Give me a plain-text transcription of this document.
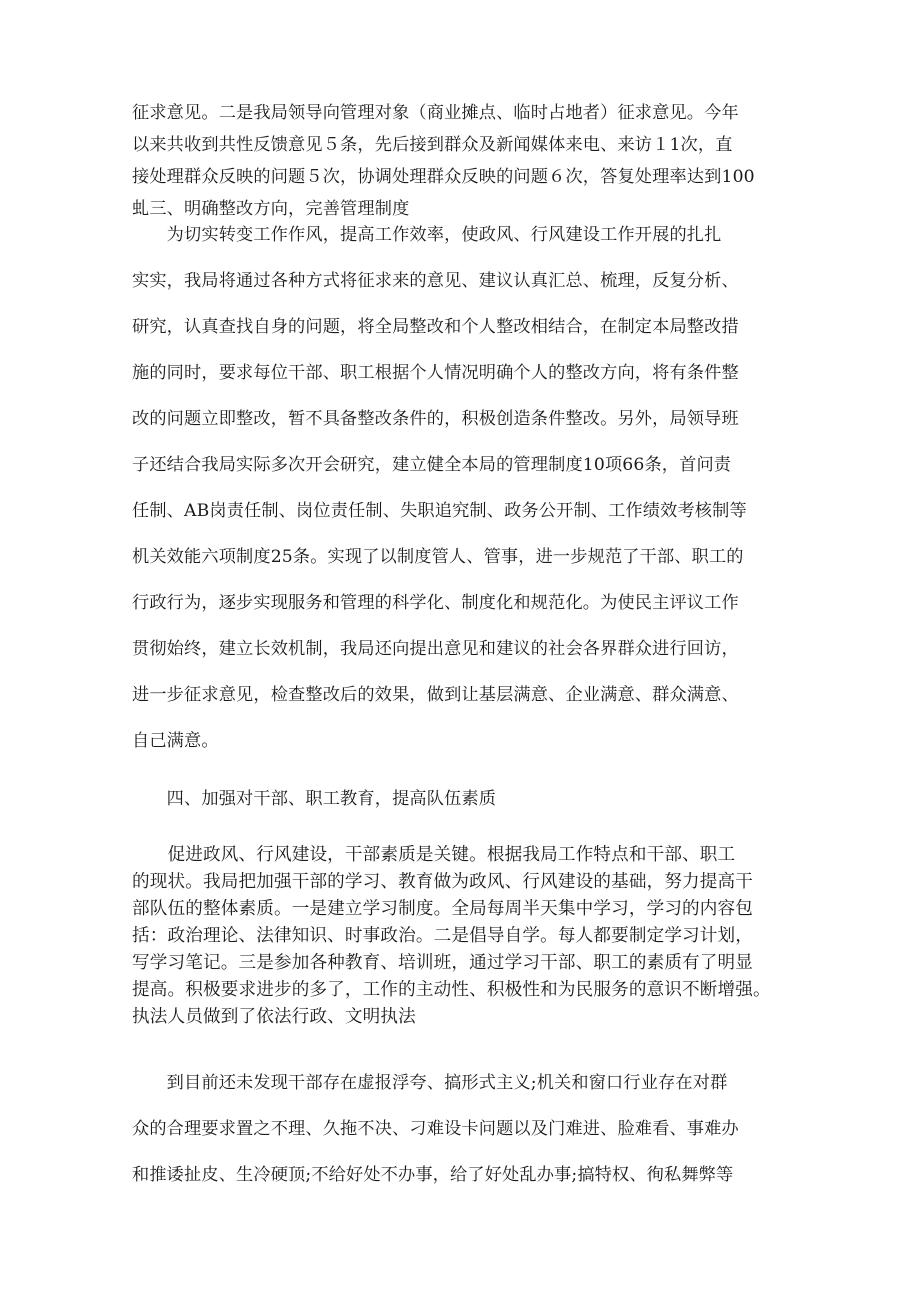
征求意见。二是我局领导向管理对象（商业摊点、临时占地者）征求意见。今年
以来共收到共性反馈意见５条，先后接到群众及新闻媒体来电、来访１1次，直
接处理群众反映的问题５次，协调处理群众反映的问题６次，答复处理率达到100
虬三、明确整改方向，完善管理制度
　　为切实转变工作作风，提高工作效率，使政风、行风建设工作开展的扎扎
实实，我局将通过各种方式将征求来的意见、建议认真汇总、梳理，反复分析、
研究，认真查找自身的问题，将全局整改和个人整改相结合，在制定本局整改措
施的同时，要求每位干部、职工根据个人情况明确个人的整改方向，将有条件整
改的问题立即整改，暂不具备整改条件的，积极创造条件整改。另外，局领导班
子还结合我局实际多次开会研究，建立健全本局的管理制度10项66条，首问责
任制、AB岗责任制、岗位责任制、失职追究制、政务公开制、工作绩效考核制等
机关效能六项制度25条。实现了以制度管人、管事，进一步规范了干部、职工的
行政行为，逐步实现服务和管理的科学化、制度化和规范化。为使民主评议工作
贯彻始终，建立长效机制，我局还向提出意见和建议的社会各界群众进行回访，
进一步征求意见，检查整改后的效果，做到让基层满意、企业满意、群众满意、
自己满意。
　　四、加强对干部、职工教育，提高队伍素质
　　促进政风、行风建设，干部素质是关键。根据我局工作特点和干部、职工
的现状。我局把加强干部的学习、教育做为政风、行风建设的基础，努力提高干
部队伍的整体素质。一是建立学习制度。全局每周半天集中学习，学习的内容包
括：政治理论、法律知识、时事政治。二是倡导自学。每人都要制定学习计划，
写学习笔记。三是参加各种教育、培训班，通过学习干部、职工的素质有了明显
提高。积极要求进步的多了，工作的主动性、积极性和为民服务的意识不断增强。
执法人员做到了依法行政、文明执法
　　到目前还未发现干部存在虚报浮夸、搞形式主义;机关和窗口行业存在对群
众的合理要求置之不理、久拖不决、刁难设卡问题以及门难进、脸难看、事难办
和推诿扯皮、生冷硬顶;不给好处不办事，给了好处乱办事;搞特权、徇私舞弊等
